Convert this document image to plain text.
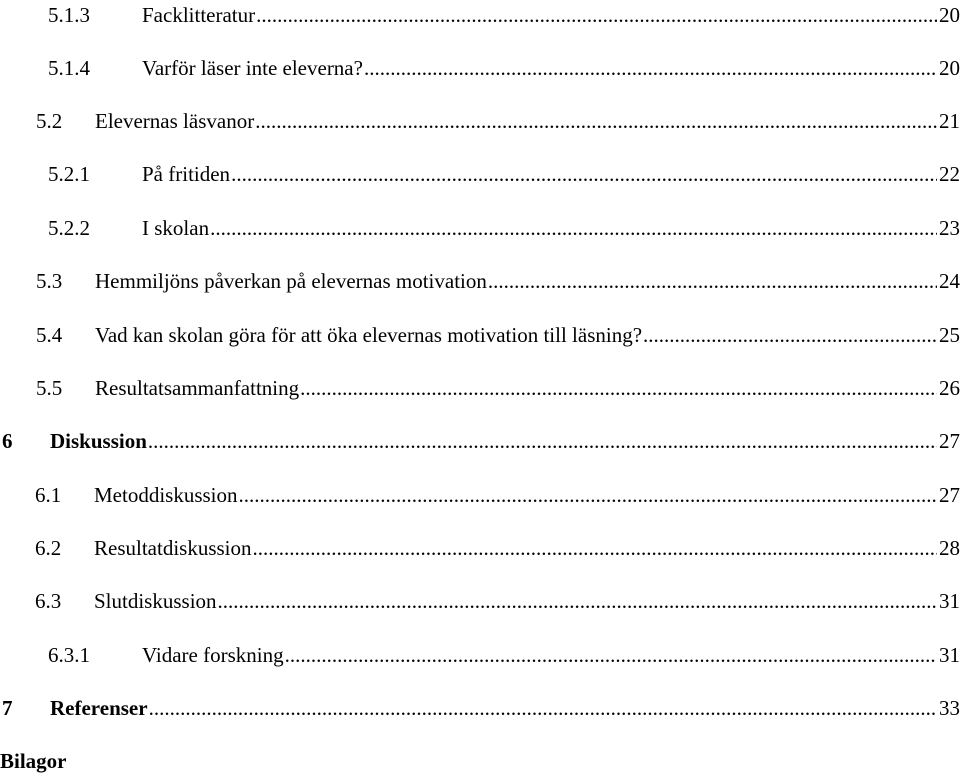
5.1.3	Facklitteratur .....	20
5.1.4	Varför läser inte eleverna? .....	20
5.2	Elevernas läsvanor .....	21
5.2.1	På fritiden .....	22
5.2.2	I skolan .....	23
5.3	Hemmiljöns påverkan på elevernas motivation .....	24
5.4	Vad kan skolan göra för att öka elevernas motivation till läsning? .....	25
5.5	Resultatsammanfattning .....	26
6	Diskussion .....	27
6.1	Metoddiskussion .....	27
6.2	Resultatdiskussion .....	28
6.3	Slutdiskussion .....	31
6.3.1	Vidare forskning .....	31
7	Referenser .....	33
Bilagor
